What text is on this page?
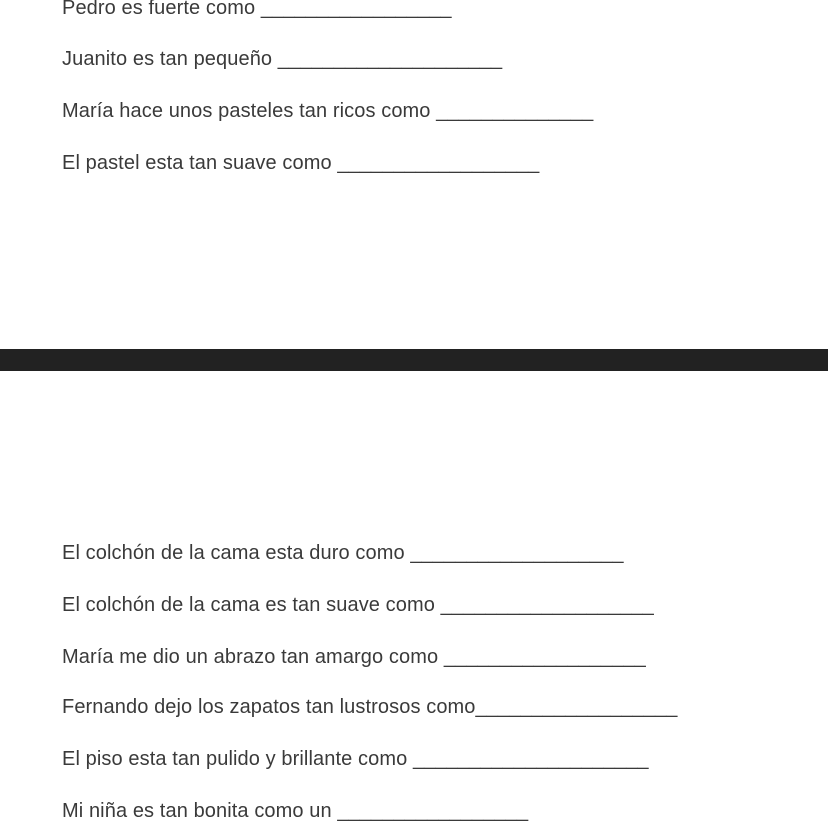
Pedro es fuerte como _________________
Juanito es tan pequeño ____________________
María hace unos pasteles tan ricos como ______________
El pastel esta tan suave como __________________
El colchón de la cama esta duro como ___________________
El colchón de la cama es tan suave como ___________________
María me dio un abrazo tan amargo como __________________
Fernando dejo los zapatos tan lustrosos como__________________
El piso esta tan pulido y brillante como _____________________
Mi niña es tan bonita como un _________________
